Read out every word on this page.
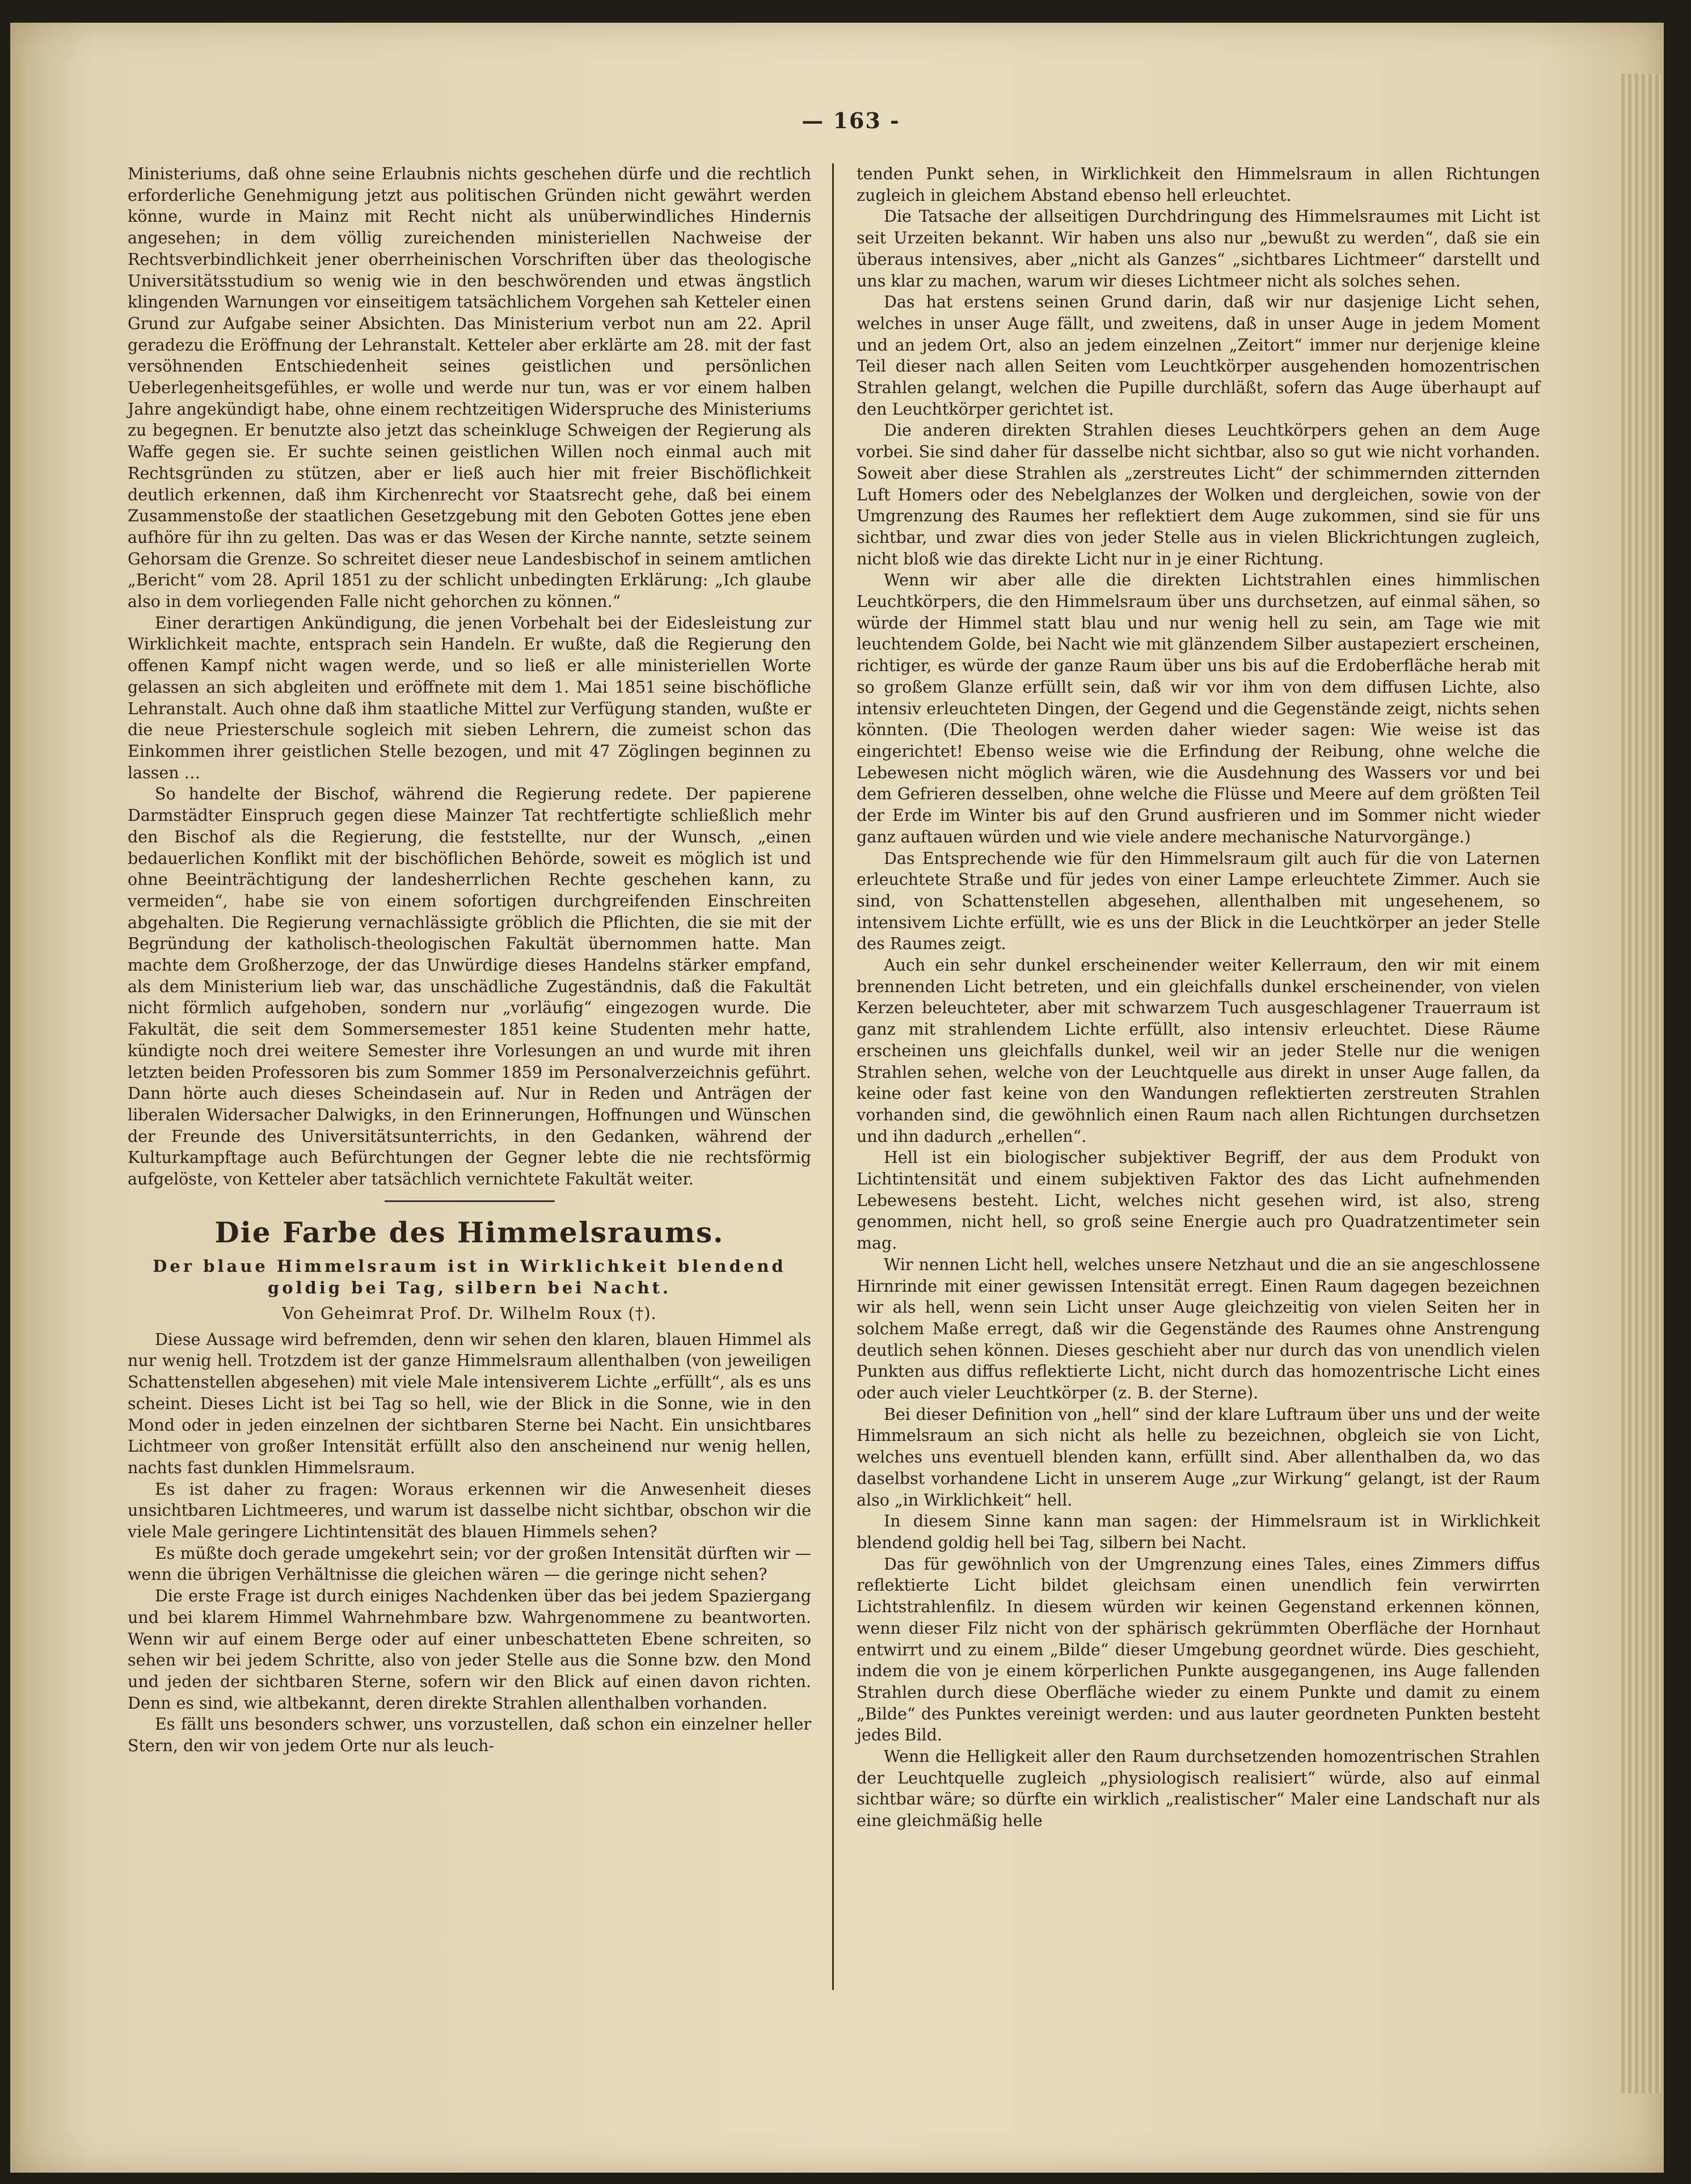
— 163 -

Ministeriums, daß ohne seine Erlaubnis nichts geschehen dürfe und die rechtlich erforderliche Genehmigung jetzt aus politischen Gründen nicht gewährt werden könne, wurde in Mainz mit Recht nicht als unüberwindliches Hindernis angesehen; in dem völlig zureichenden ministeriellen Nachweise der Rechtsverbindlichkeit jener oberrheinischen Vorschriften über das theologische Universitätsstudium so wenig wie in den beschwörenden und etwas ängstlich klingenden Warnungen vor einseitigem tatsächlichem Vorgehen sah Ketteler einen Grund zur Aufgabe seiner Absichten. Das Ministerium verbot nun am 22. April geradezu die Eröffnung der Lehranstalt. Ketteler aber erklärte am 28. mit der fast versöhnenden Entschiedenheit seines geistlichen und persönlichen Ueberlegenheitsgefühles, er wolle und werde nur tun, was er vor einem halben Jahre angekündigt habe, ohne einem rechtzeitigen Widerspruche des Ministeriums zu begegnen. Er benutzte also jetzt das scheinkluge Schweigen der Regierung als Waffe gegen sie. Er suchte seinen geistlichen Willen noch einmal auch mit Rechtsgründen zu stützen, aber er ließ auch hier mit freier Bischöflichkeit deutlich erkennen, daß ihm Kirchenrecht vor Staatsrecht gehe, daß bei einem Zusammenstoße der staatlichen Gesetzgebung mit den Geboten Gottes jene eben aufhöre für ihn zu gelten. Das was er das Wesen der Kirche nannte, setzte seinem Gehorsam die Grenze. So schreitet dieser neue Landesbischof in seinem amtlichen „Bericht“ vom 28. April 1851 zu der schlicht unbedingten Erklärung: „Ich glaube also in dem vorliegenden Falle nicht gehorchen zu können.“

Einer derartigen Ankündigung, die jenen Vorbehalt bei der Eidesleistung zur Wirklichkeit machte, entsprach sein Handeln. Er wußte, daß die Regierung den offenen Kampf nicht wagen werde, und so ließ er alle ministeriellen Worte gelassen an sich abgleiten und eröffnete mit dem 1. Mai 1851 seine bischöfliche Lehranstalt. Auch ohne daß ihm staatliche Mittel zur Verfügung standen, wußte er die neue Priesterschule sogleich mit sieben Lehrern, die zumeist schon das Einkommen ihrer geistlichen Stelle bezogen, und mit 47 Zöglingen beginnen zu lassen …

So handelte der Bischof, während die Regierung redete. Der papierene Darmstädter Einspruch gegen diese Mainzer Tat rechtfertigte schließlich mehr den Bischof als die Regierung, die feststellte, nur der Wunsch, „einen bedauerlichen Konflikt mit der bischöflichen Behörde, soweit es möglich ist und ohne Beeinträchtigung der landesherrlichen Rechte geschehen kann, zu vermeiden“, habe sie von einem sofortigen durchgreifenden Einschreiten abgehalten. Die Regierung vernachlässigte gröblich die Pflichten, die sie mit der Begründung der katholisch-theologischen Fakultät übernommen hatte. Man machte dem Großherzoge, der das Unwürdige dieses Handelns stärker empfand, als dem Ministerium lieb war, das unschädliche Zugeständnis, daß die Fakultät nicht förmlich aufgehoben, sondern nur „vorläufig“ eingezogen wurde. Die Fakultät, die seit dem Sommersemester 1851 keine Studenten mehr hatte, kündigte noch drei weitere Semester ihre Vorlesungen an und wurde mit ihren letzten beiden Professoren bis zum Sommer 1859 im Personalverzeichnis geführt. Dann hörte auch dieses Scheindasein auf. Nur in Reden und Anträgen der liberalen Widersacher Dalwigks, in den Erinnerungen, Hoffnungen und Wünschen der Freunde des Universitätsunterrichts, in den Gedanken, während der Kulturkampftage auch Befürchtungen der Gegner lebte die nie rechtsförmig aufgelöste, von Ketteler aber tatsächlich vernichtete Fakultät weiter.

Die Farbe des Himmelsraums.
Der blaue Himmelsraum ist in Wirklichkeit blendend goldig bei Tag, silbern bei Nacht.
Von Geheimrat Prof. Dr. Wilhelm Roux (†).

Diese Aussage wird befremden, denn wir sehen den klaren, blauen Himmel als nur wenig hell. Trotzdem ist der ganze Himmelsraum allenthalben (von jeweiligen Schattenstellen abgesehen) mit viele Male intensiverem Lichte „erfüllt“, als es uns scheint. Dieses Licht ist bei Tag so hell, wie der Blick in die Sonne, wie in den Mond oder in jeden einzelnen der sichtbaren Sterne bei Nacht. Ein unsichtbares Lichtmeer von großer Intensität erfüllt also den anscheinend nur wenig hellen, nachts fast dunklen Himmelsraum.

Es ist daher zu fragen: Woraus erkennen wir die Anwesenheit dieses unsichtbaren Lichtmeeres, und warum ist dasselbe nicht sichtbar, obschon wir die viele Male geringere Lichtintensität des blauen Himmels sehen?

Es müßte doch gerade umgekehrt sein; vor der großen Intensität dürften wir — wenn die übrigen Verhältnisse die gleichen wären — die geringe nicht sehen?

Die erste Frage ist durch einiges Nachdenken über das bei jedem Spaziergang und bei klarem Himmel Wahrnehmbare bzw. Wahrgenommene zu beantworten. Wenn wir auf einem Berge oder auf einer unbeschatteten Ebene schreiten, so sehen wir bei jedem Schritte, also von jeder Stelle aus die Sonne bzw. den Mond und jeden der sichtbaren Sterne, sofern wir den Blick auf einen davon richten. Denn es sind, wie altbekannt, deren direkte Strahlen allenthalben vorhanden.

Es fällt uns besonders schwer, uns vorzustellen, daß schon ein einzelner heller Stern, den wir von jedem Orte nur als leuch-

tenden Punkt sehen, in Wirklichkeit den Himmelsraum in allen Richtungen zugleich in gleichem Abstand ebenso hell erleuchtet.

Die Tatsache der allseitigen Durchdringung des Himmelsraumes mit Licht ist seit Urzeiten bekannt. Wir haben uns also nur „bewußt zu werden“, daß sie ein überaus intensives, aber „nicht als Ganzes“ „sichtbares Lichtmeer“ darstellt und uns klar zu machen, warum wir dieses Lichtmeer nicht als solches sehen.

Das hat erstens seinen Grund darin, daß wir nur dasjenige Licht sehen, welches in unser Auge fällt, und zweitens, daß in unser Auge in jedem Moment und an jedem Ort, also an jedem einzelnen „Zeitort“ immer nur derjenige kleine Teil dieser nach allen Seiten vom Leuchtkörper ausgehenden homozentrischen Strahlen gelangt, welchen die Pupille durchläßt, sofern das Auge überhaupt auf den Leuchtkörper gerichtet ist.

Die anderen direkten Strahlen dieses Leuchtkörpers gehen an dem Auge vorbei. Sie sind daher für dasselbe nicht sichtbar, also so gut wie nicht vorhanden. Soweit aber diese Strahlen als „zerstreutes Licht“ der schimmernden zitternden Luft Homers oder des Nebelglanzes der Wolken und dergleichen, sowie von der Umgrenzung des Raumes her reflektiert dem Auge zukommen, sind sie für uns sichtbar, und zwar dies von jeder Stelle aus in vielen Blickrichtungen zugleich, nicht bloß wie das direkte Licht nur in je einer Richtung.

Wenn wir aber alle die direkten Lichtstrahlen eines himmlischen Leuchtkörpers, die den Himmelsraum über uns durchsetzen, auf einmal sähen, so würde der Himmel statt blau und nur wenig hell zu sein, am Tage wie mit leuchtendem Golde, bei Nacht wie mit glänzendem Silber austapeziert erscheinen, richtiger, es würde der ganze Raum über uns bis auf die Erdoberfläche herab mit so großem Glanze erfüllt sein, daß wir vor ihm von dem diffusen Lichte, also intensiv erleuchteten Dingen, der Gegend und die Gegenstände zeigt, nichts sehen könnten. (Die Theologen werden daher wieder sagen: Wie weise ist das eingerichtet! Ebenso weise wie die Erfindung der Reibung, ohne welche die Lebewesen nicht möglich wären, wie die Ausdehnung des Wassers vor und bei dem Gefrieren desselben, ohne welche die Flüsse und Meere auf dem größten Teil der Erde im Winter bis auf den Grund ausfrieren und im Sommer nicht wieder ganz auftauen würden und wie viele andere mechanische Naturvorgänge.)

Das Entsprechende wie für den Himmelsraum gilt auch für die von Laternen erleuchtete Straße und für jedes von einer Lampe erleuchtete Zimmer. Auch sie sind, von Schattenstellen abgesehen, allenthalben mit ungesehenem, so intensivem Lichte erfüllt, wie es uns der Blick in die Leuchtkörper an jeder Stelle des Raumes zeigt.

Auch ein sehr dunkel erscheinender weiter Kellerraum, den wir mit einem brennenden Licht betreten, und ein gleichfalls dunkel erscheinender, von vielen Kerzen beleuchteter, aber mit schwarzem Tuch ausgeschlagener Trauerraum ist ganz mit strahlendem Lichte erfüllt, also intensiv erleuchtet. Diese Räume erscheinen uns gleichfalls dunkel, weil wir an jeder Stelle nur die wenigen Strahlen sehen, welche von der Leuchtquelle aus direkt in unser Auge fallen, da keine oder fast keine von den Wandungen reflektierten zerstreuten Strahlen vorhanden sind, die gewöhnlich einen Raum nach allen Richtungen durchsetzen und ihn dadurch „erhellen“.

Hell ist ein biologischer subjektiver Begriff, der aus dem Produkt von Lichtintensität und einem subjektiven Faktor des das Licht aufnehmenden Lebewesens besteht. Licht, welches nicht gesehen wird, ist also, streng genommen, nicht hell, so groß seine Energie auch pro Quadratzentimeter sein mag.

Wir nennen Licht hell, welches unsere Netzhaut und die an sie angeschlossene Hirnrinde mit einer gewissen Intensität erregt. Einen Raum dagegen bezeichnen wir als hell, wenn sein Licht unser Auge gleichzeitig von vielen Seiten her in solchem Maße erregt, daß wir die Gegenstände des Raumes ohne Anstrengung deutlich sehen können. Dieses geschieht aber nur durch das von unendlich vielen Punkten aus diffus reflektierte Licht, nicht durch das homozentrische Licht eines oder auch vieler Leuchtkörper (z. B. der Sterne).

Bei dieser Definition von „hell“ sind der klare Luftraum über uns und der weite Himmelsraum an sich nicht als helle zu bezeichnen, obgleich sie von Licht, welches uns eventuell blenden kann, erfüllt sind. Aber allenthalben da, wo das daselbst vorhandene Licht in unserem Auge „zur Wirkung“ gelangt, ist der Raum also „in Wirklichkeit“ hell.

In diesem Sinne kann man sagen: der Himmelsraum ist in Wirklichkeit blendend goldig hell bei Tag, silbern bei Nacht.

Das für gewöhnlich von der Umgrenzung eines Tales, eines Zimmers diffus reflektierte Licht bildet gleichsam einen unendlich fein verwirrten Lichtstrahlenfilz. In diesem würden wir keinen Gegenstand erkennen können, wenn dieser Filz nicht von der sphärisch gekrümmten Oberfläche der Hornhaut entwirrt und zu einem „Bilde“ dieser Umgebung geordnet würde. Dies geschieht, indem die von je einem körperlichen Punkte ausgegangenen, ins Auge fallenden Strahlen durch diese Oberfläche wieder zu einem Punkte und damit zu einem „Bilde“ des Punktes vereinigt werden: und aus lauter geordneten Punkten besteht jedes Bild.

Wenn die Helligkeit aller den Raum durchsetzenden homozentrischen Strahlen der Leuchtquelle zugleich „physiologisch realisiert“ würde, also auf einmal sichtbar wäre; so dürfte ein wirklich „realistischer“ Maler eine Landschaft nur als eine gleichmäßig helle
